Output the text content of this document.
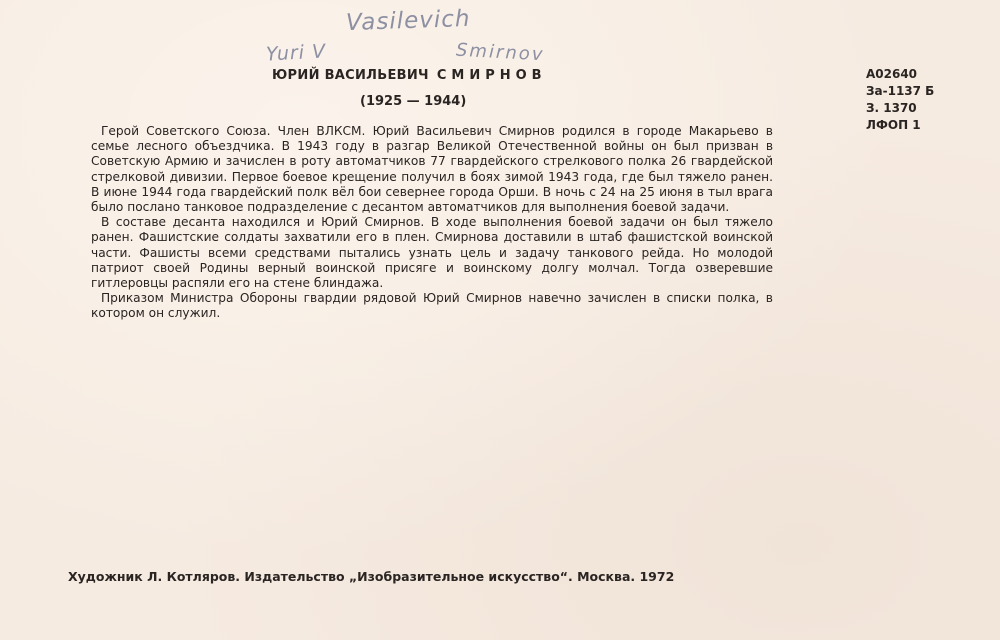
Vasilevich
Yuri V	Smirnov
ЮРИЙ ВАСИЛЬЕВИЧ СМИРНОВ
(1925 — 1944)
А02640
За-1137 Б
З. 1370
ЛФОП 1

Герой Советского Союза. Член ВЛКСМ. Юрий Васильевич Смирнов родился в городе Макарьево в семье лесного объездчика. В 1943 году в разгар Великой Отечественной войны он был призван в Советскую Армию и зачислен в роту автоматчиков 77 гвардейского стрелкового полка 26 гвардейской стрелковой дивизии. Первое боевое крещение получил в боях зимой 1943 года, где был тяжело ранен. В июне 1944 года гвардейский полк вёл бои севернее города Орши. В ночь с 24 на 25 июня в тыл врага было послано танковое подразделение с десантом автоматчиков для выполнения боевой задачи.

В составе десанта находился и Юрий Смирнов. В ходе выполнения боевой задачи он был тяжело ранен. Фашистские солдаты захватили его в плен. Смирнова доставили в штаб фашистской воинской части. Фашисты всеми средствами пытались узнать цель и задачу танкового рейда. Но молодой патриот своей Родины верный воинской присяге и воинскому долгу молчал. Тогда озверевшие гитлеровцы распяли его на стене блиндажа.

Приказом Министра Обороны гвардии рядовой Юрий Смирнов навечно зачислен в списки полка, в котором он служил.

Художник Л. Котляров. Издательство „Изобразительное искусство“. Москва. 1972
